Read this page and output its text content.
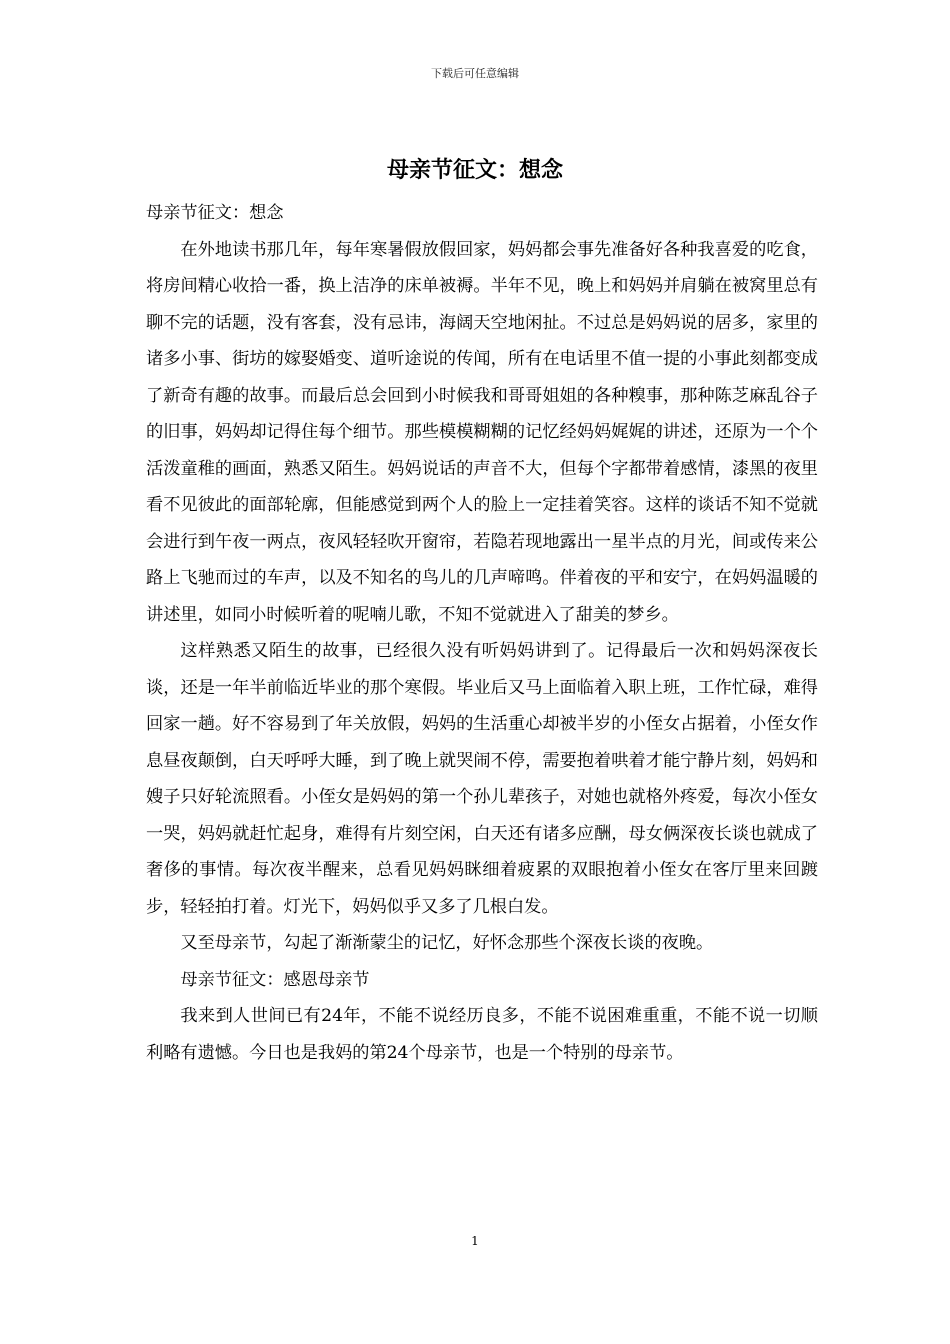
下载后可任意编辑
母亲节征文：想念

母亲节征文：想念

在外地读书那几年，每年寒暑假放假回家，妈妈都会事先准备好各种我喜爱的吃食，将房间精心收拾一番，换上洁净的床单被褥。半年不见，晚上和妈妈并肩躺在被窝里总有聊不完的话题，没有客套，没有忌讳，海阔天空地闲扯。不过总是妈妈说的居多，家里的诸多小事、街坊的嫁娶婚变、道听途说的传闻，所有在电话里不值一提的小事此刻都变成了新奇有趣的故事。而最后总会回到小时候我和哥哥姐姐的各种糗事，那种陈芝麻乱谷子的旧事，妈妈却记得住每个细节。那些模模糊糊的记忆经妈妈娓娓的讲述，还原为一个个活泼童稚的画面，熟悉又陌生。妈妈说话的声音不大，但每个字都带着感情，漆黑的夜里看不见彼此的面部轮廓，但能感觉到两个人的脸上一定挂着笑容。这样的谈话不知不觉就会进行到午夜一两点，夜风轻轻吹开窗帘，若隐若现地露出一星半点的月光，间或传来公路上飞驰而过的车声，以及不知名的鸟儿的几声啼鸣。伴着夜的平和安宁，在妈妈温暖的讲述里，如同小时候听着的呢喃儿歌，不知不觉就进入了甜美的梦乡。

这样熟悉又陌生的故事，已经很久没有听妈妈讲到了。记得最后一次和妈妈深夜长谈，还是一年半前临近毕业的那个寒假。毕业后又马上面临着入职上班，工作忙碌，难得回家一趟。好不容易到了年关放假，妈妈的生活重心却被半岁的小侄女占据着，小侄女作息昼夜颠倒，白天呼呼大睡，到了晚上就哭闹不停，需要抱着哄着才能宁静片刻，妈妈和嫂子只好轮流照看。小侄女是妈妈的第一个孙儿辈孩子，对她也就格外疼爱，每次小侄女一哭，妈妈就赶忙起身，难得有片刻空闲，白天还有诸多应酬，母女俩深夜长谈也就成了奢侈的事情。每次夜半醒来，总看见妈妈眯细着疲累的双眼抱着小侄女在客厅里来回踱步，轻轻拍打着。灯光下，妈妈似乎又多了几根白发。

又至母亲节，勾起了渐渐蒙尘的记忆，好怀念那些个深夜长谈的夜晚。

母亲节征文：感恩母亲节

我来到人世间已有24年，不能不说经历良多，不能不说困难重重，不能不说一切顺利略有遗憾。今日也是我妈的第24个母亲节，也是一个特别的母亲节。

1
